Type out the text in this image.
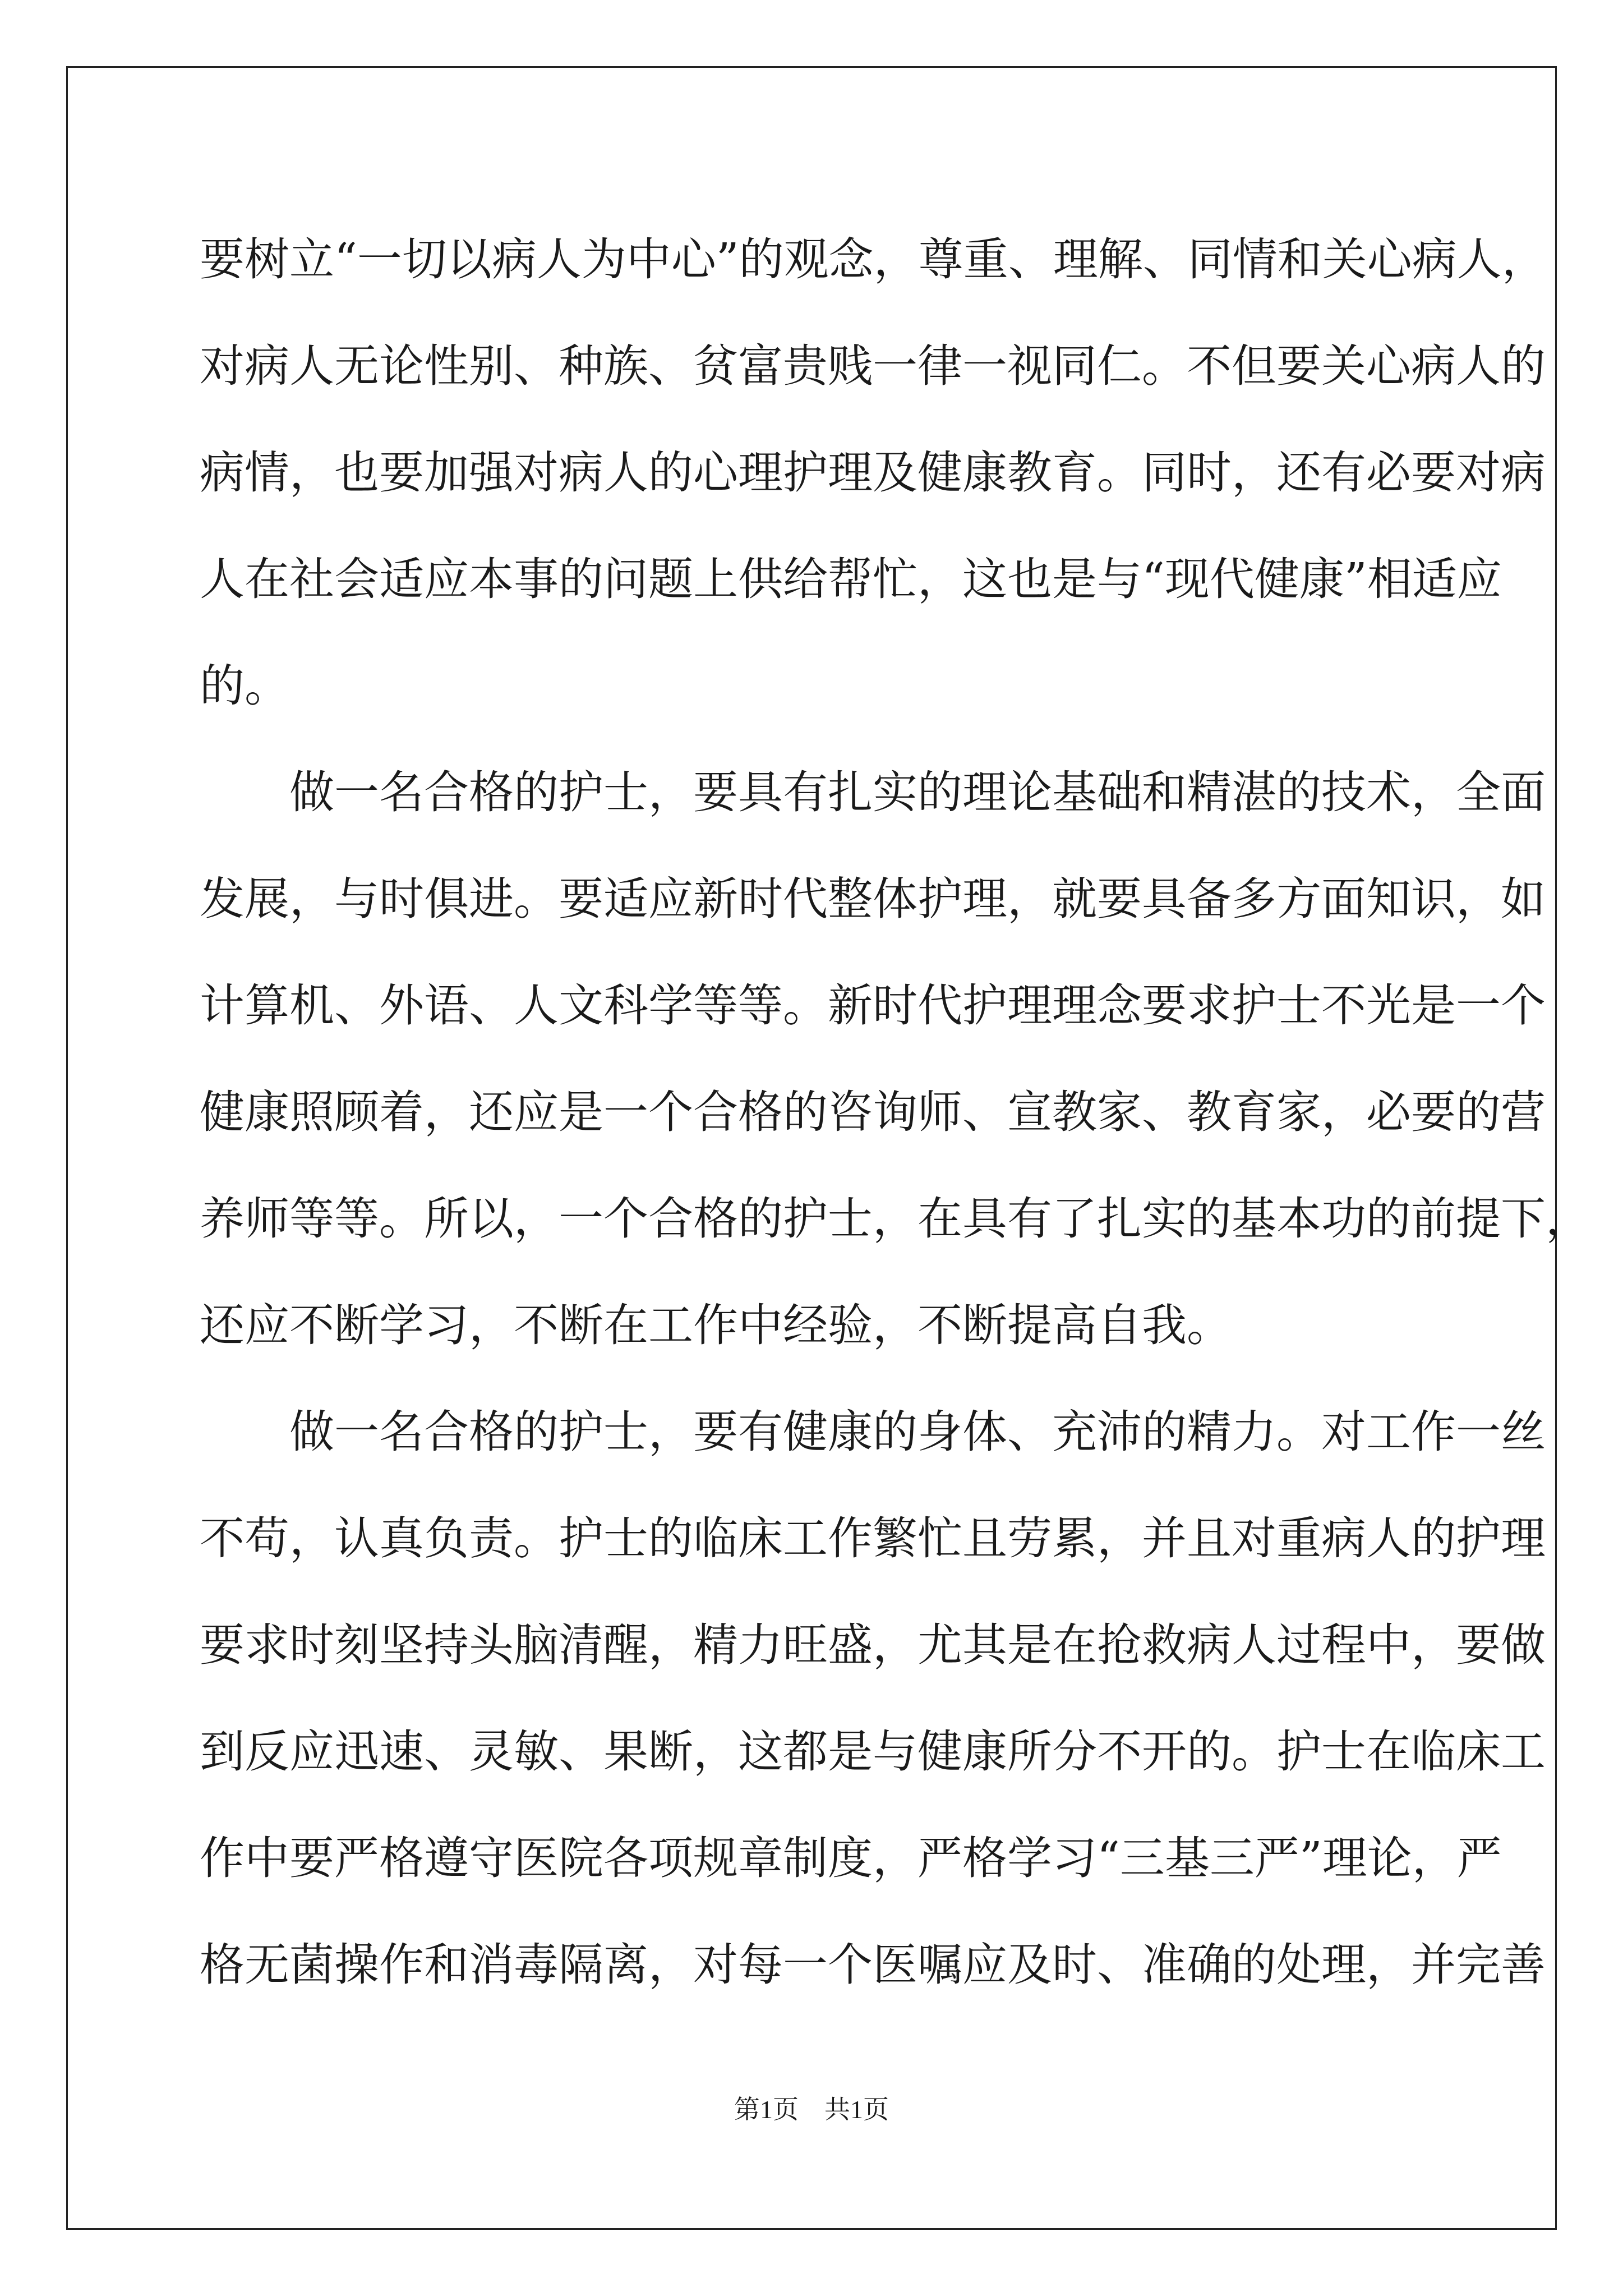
要树立“一切以病人为中心”的观念，尊重、理解、同情和关心病人，
对病人无论性别、种族、贫富贵贱一律一视同仁。不但要关心病人的
病情，也要加强对病人的心理护理及健康教育。同时，还有必要对病
人在社会适应本事的问题上供给帮忙，这也是与“现代健康”相适应
的。
　　做一名合格的护士，要具有扎实的理论基础和精湛的技术，全面
发展，与时俱进。要适应新时代整体护理，就要具备多方面知识，如
计算机、外语、人文科学等等。新时代护理理念要求护士不光是一个
健康照顾着，还应是一个合格的咨询师、宣教家、教育家，必要的营
养师等等。所以，一个合格的护士，在具有了扎实的基本功的前提下，
还应不断学习，不断在工作中经验，不断提高自我。
　　做一名合格的护士，要有健康的身体、充沛的精力。对工作一丝
不苟，认真负责。护士的临床工作繁忙且劳累，并且对重病人的护理
要求时刻坚持头脑清醒，精力旺盛，尤其是在抢救病人过程中，要做
到反应迅速、灵敏、果断，这都是与健康所分不开的。护士在临床工
作中要严格遵守医院各项规章制度，严格学习“三基三严”理论，严
格无菌操作和消毒隔离，对每一个医嘱应及时、准确的处理，并完善
第1页　共1页
